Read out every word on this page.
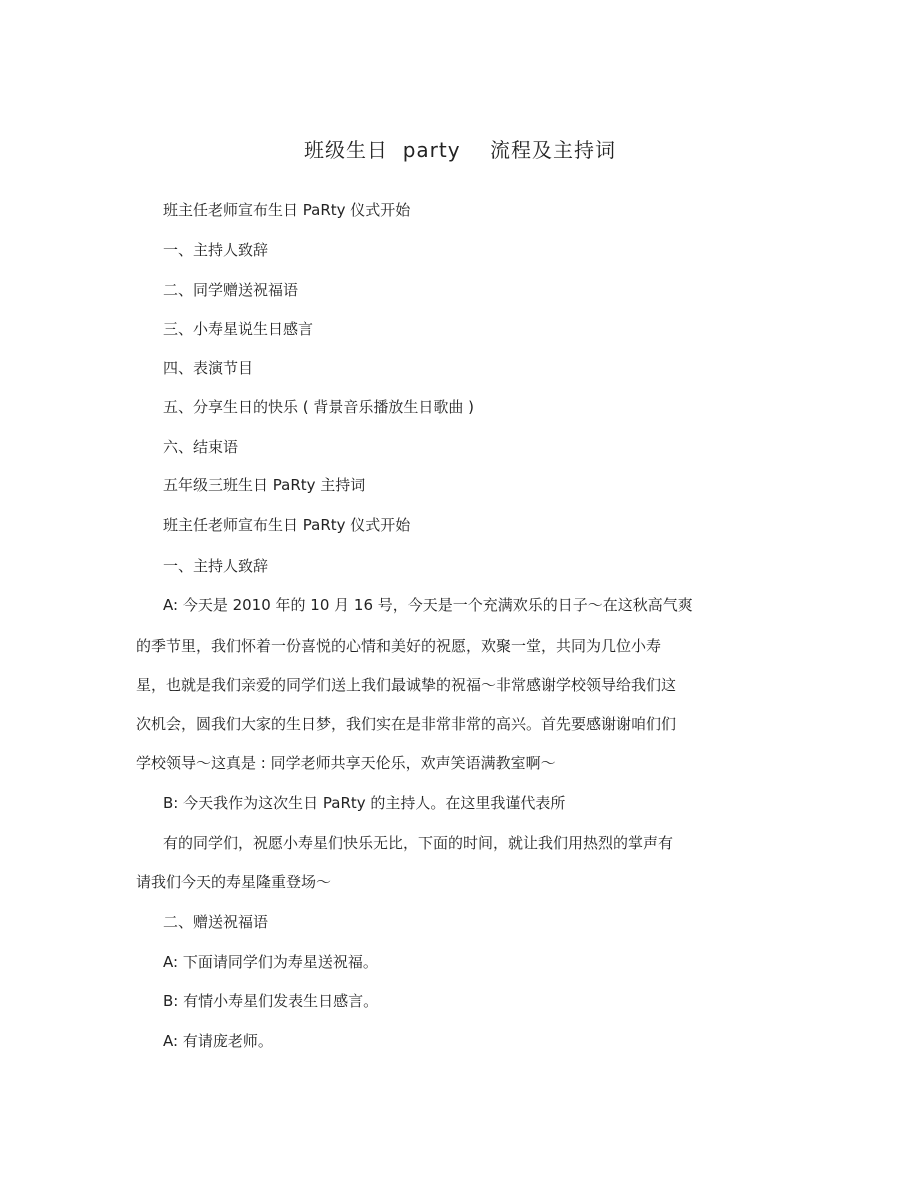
班级生日  party    流程及主持词
班主任老师宣布生日 PaRty 仪式开始
一、主持人致辞
二、同学赠送祝福语
三、小寿星说生日感言
四、表演节目
五、分享生日的快乐 ( 背景音乐播放生日歌曲 )
六、结束语
五年级三班生日 PaRty 主持词
班主任老师宣布生日 PaRty 仪式开始
一、主持人致辞
A: 今天是 2010 年的 10 月 16 号，今天是一个充满欢乐的日子～在这秋高气爽
的季节里，我们怀着一份喜悦的心情和美好的祝愿，欢聚一堂，共同为几位小寿
星，也就是我们亲爱的同学们送上我们最诚挚的祝福～非常感谢学校领导给我们这
次机会，圆我们大家的生日梦，我们实在是非常非常的高兴。首先要感谢谢咱们们
学校领导～这真是 : 同学老师共享天伦乐，欢声笑语满教室啊～
B: 今天我作为这次生日 PaRty 的主持人。在这里我谨代表所
有的同学们，祝愿小寿星们快乐无比，下面的时间，就让我们用热烈的掌声有
请我们今天的寿星隆重登场～
二、赠送祝福语
A: 下面请同学们为寿星送祝福。
B: 有情小寿星们发表生日感言。
A: 有请庞老师。
